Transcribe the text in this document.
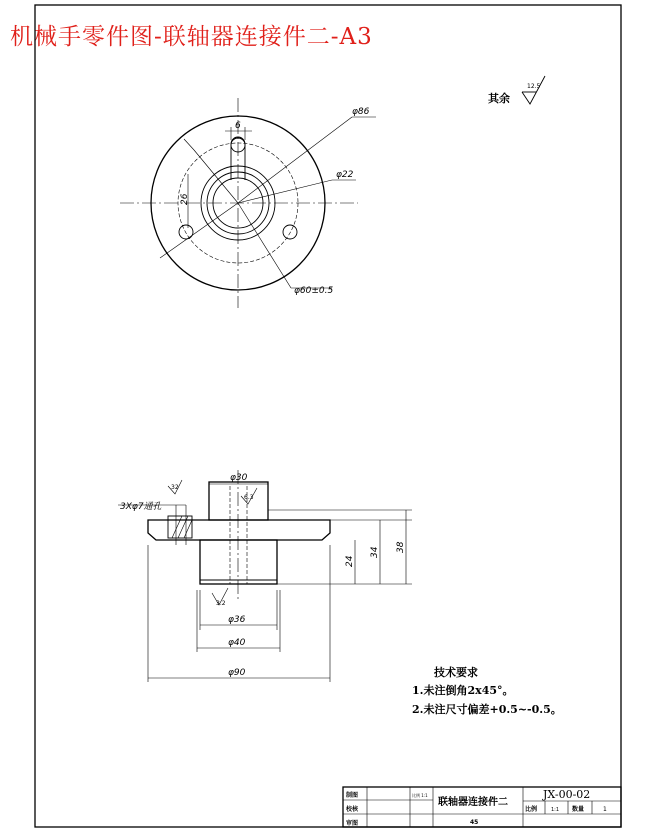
机械手零件图-联轴器连接件二-A3
其余
12.5
φ86
6
φ22
26
φ60±0.5
3Xφ7通孔
32
6.3
3.2
φ30
φ36
φ40
φ90
24
34 38
技术要求
1.未注倒角2x45°。
2.未注尺寸偏差+0.5~-0.5。
制图
校核
审图
比例 1:1
联轴器连接件二
JX-00-02
比例	1:1 数量	1
45
